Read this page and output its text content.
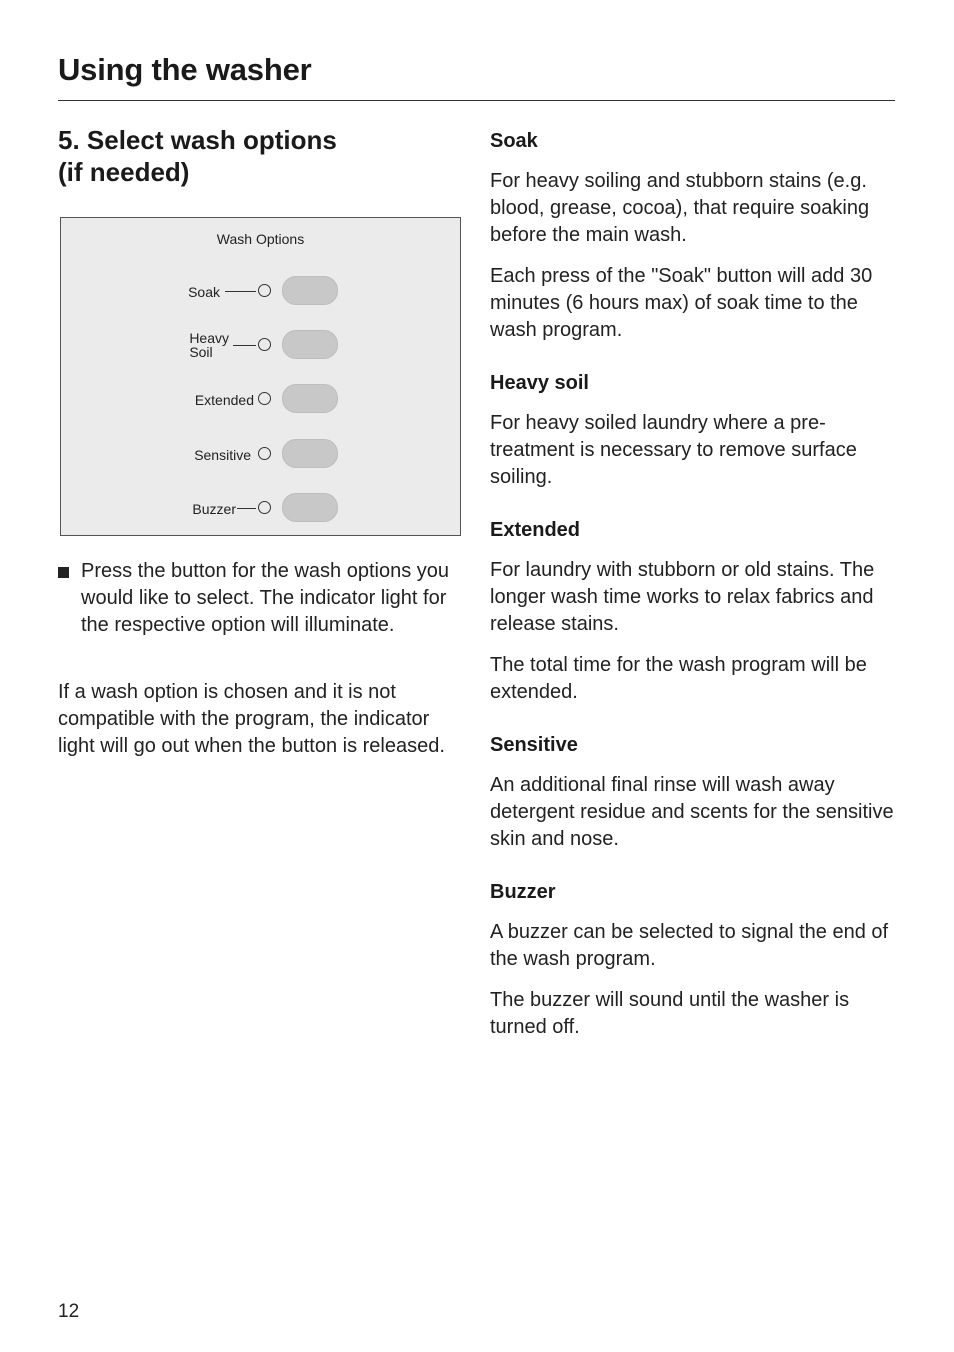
Using the washer
5. Select wash options
(if needed)
Wash Options
Soak
Heavy
Soil
Extended
Sensitive
Buzzer
Press the button for the wash options you would like to select. The indicator light for the respective option will illuminate.
If a wash option is chosen and it is not compatible with the program, the indicator light will go out when the button is released.
Soak

For heavy soiling and stubborn stains (e.g. blood, grease, cocoa), that require soaking before the main wash.

Each press of the "Soak" button will add 30 minutes (6 hours max) of soak time to the wash program.

Heavy soil

For heavy soiled laundry where a pretreatment is necessary to remove surface soiling.

Extended

For laundry with stubborn or old stains. The longer wash time works to relax fabrics and release stains.

The total time for the wash program will be extended.

Sensitive

An additional final rinse will wash away detergent residue and scents for the sensitive skin and nose.

Buzzer

A buzzer can be selected to signal the end of the wash program.

The buzzer will sound until the washer is turned off.

12
